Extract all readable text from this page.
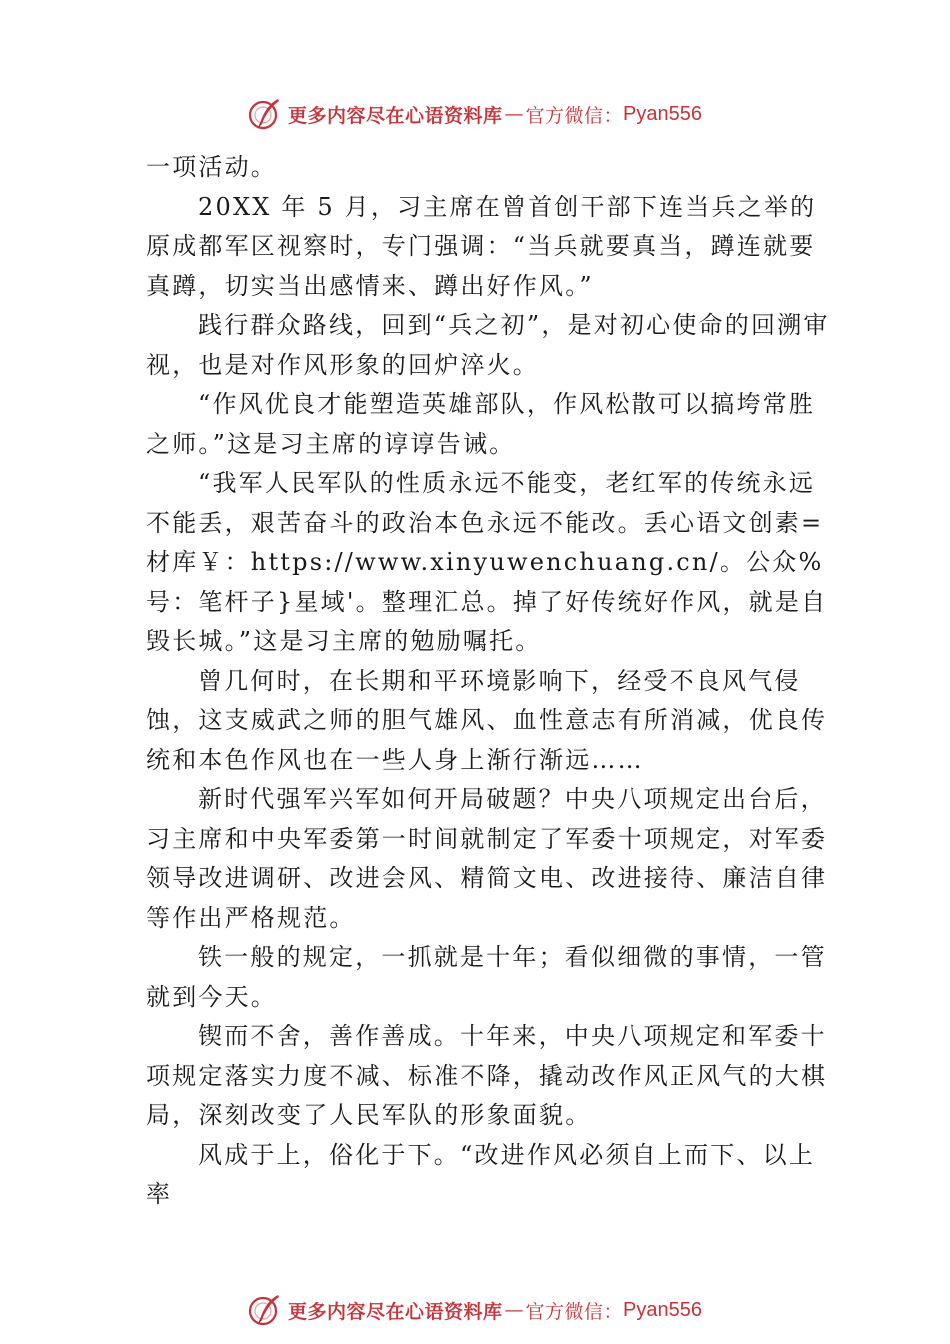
更多内容尽在心语资料库 — 官方微信： Pyan556

一项活动。

20XX 年 5 月，习主席在曾首创干部下连当兵之举的原成都军区视察时，专门强调：“当兵就要真当，蹲连就要真蹲，切实当出感情来、蹲出好作风。”

践行群众路线，回到“兵之初”，是对初心使命的回溯审视，也是对作风形象的回炉淬火。

“作风优良才能塑造英雄部队，作风松散可以搞垮常胜之师。”这是习主席的谆谆告诫。

“我军人民军队的性质永远不能变，老红军的传统永远不能丢，艰苦奋斗的政治本色永远不能改。丢心语文创素=材库￥：https://www.xinyuwenchuang.cn/。公众%号：笔杆子}星域'。整理汇总。掉了好传统好作风，就是自毁长城。”这是习主席的勉励嘱托。

曾几何时，在长期和平环境影响下，经受不良风气侵蚀，这支威武之师的胆气雄风、血性意志有所消减，优良传统和本色作风也在一些人身上渐行渐远……

新时代强军兴军如何开局破题？中央八项规定出台后，习主席和中央军委第一时间就制定了军委十项规定，对军委领导改进调研、改进会风、精简文电、改进接待、廉洁自律等作出严格规范。

铁一般的规定，一抓就是十年；看似细微的事情，一管就到今天。

锲而不舍，善作善成。十年来，中央八项规定和军委十项规定落实力度不减、标准不降，撬动改作风正风气的大棋局，深刻改变了人民军队的形象面貌。

风成于上，俗化于下。“改进作风必须自上而下、以上率

更多内容尽在心语资料库 — 官方微信： Pyan556
